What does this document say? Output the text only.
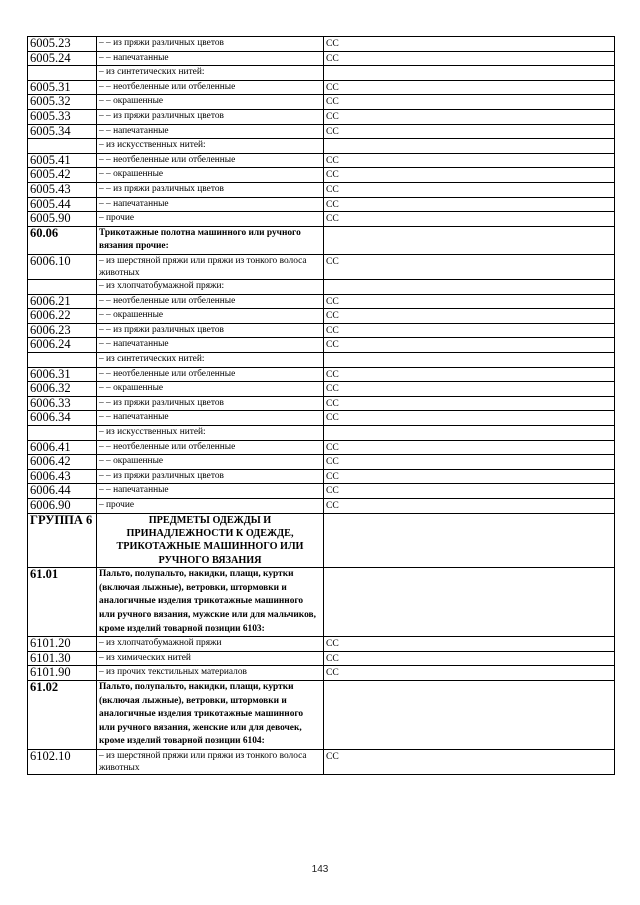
6005.23	– – из пряжи различных цветов	СС
6005.24	– – напечатанные	СС
	– из синтетических нитей:	
6005.31	– – неотбеленные или отбеленные	СС
6005.32	– – окрашенные	СС
6005.33	– – из пряжи различных цветов	СС
6005.34	– – напечатанные	СС
	– из искусственных нитей:	
6005.41	– – неотбеленные или отбеленные	СС
6005.42	– – окрашенные	СС
6005.43	– – из пряжи различных цветов	СС
6005.44	– – напечатанные	СС
6005.90	– прочие	СС
60.06	Трикотажные полотна машинного или ручного вязания прочие:	
6006.10	– из шерстяной пряжи или пряжи из тонкого волоса животных	СС
	– из хлопчатобумажной пряжи:	
6006.21	– – неотбеленные или отбеленные	СС
6006.22	– – окрашенные	СС
6006.23	– – из пряжи различных цветов	СС
6006.24	– – напечатанные	СС
	– из синтетических нитей:	
6006.31	– – неотбеленные или отбеленные	СС
6006.32	– – окрашенные	СС
6006.33	– – из пряжи различных цветов	СС
6006.34	– – напечатанные	СС
	– из искусственных нитей:	
6006.41	– – неотбеленные или отбеленные	СС
6006.42	– – окрашенные	СС
6006.43	– – из пряжи различных цветов	СС
6006.44	– – напечатанные	СС
6006.90	– прочие	СС
ГРУППА 6	ПРЕДМЕТЫ ОДЕЖДЫ И ПРИНАДЛЕЖНОСТИ К ОДЕЖДЕ, ТРИКОТАЖНЫЕ МАШИННОГО ИЛИ РУЧНОГО ВЯЗАНИЯ	
61.01	Пальто, полупальто, накидки, плащи, куртки (включая лыжные), ветровки, штормовки и аналогичные изделия трикотажные машинного или ручного вязания, мужские или для мальчиков, кроме изделий товарной позиции 6103:	
6101.20	– из хлопчатобумажной пряжи	СС
6101.30	– из химических нитей	СС
6101.90	– из прочих текстильных материалов	СС
61.02	Пальто, полупальто, накидки, плащи, куртки (включая лыжные), ветровки, штормовки и аналогичные изделия трикотажные машинного или ручного вязания, женские или для девочек, кроме изделий товарной позиции 6104:	
6102.10	– из шерстяной пряжи или пряжи из тонкого волоса животных	СС
143
